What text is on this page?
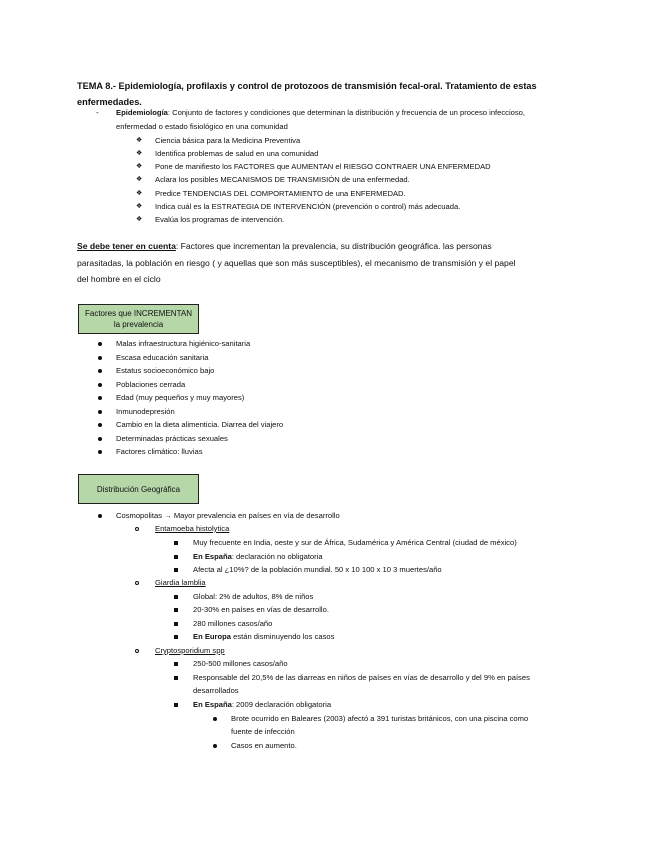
TEMA 8.- Epidemiología, profilaxis y control de protozoos de transmisión fecal-oral. Tratamiento de estas
enfermedades.
- Epidemiología: Conjunto de factores y condiciones que determinan la distribución y frecuencia de un proceso infeccioso,
enfermedad o estado fisiológico en una comunidad
❖ Ciencia básica para la Medicina Preventiva
❖ Identifica problemas de salud en una comunidad
❖ Pone de manifiesto los FACTORES que AUMENTAN el RIESGO CONTRAER UNA ENFERMEDAD
❖ Aclara los posibles MECANISMOS DE TRANSMISIÓN de una enfermedad.
❖ Predice TENDENCIAS DEL COMPORTAMIENTO de una ENFERMEDAD.
❖ Indica cuál es la ESTRATEGIA DE INTERVENCIÓN (prevención o control) más adecuada.
❖ Evalúa los programas de intervención.
Se debe tener en cuenta: Factores que incrementan la prevalencia, su distribución geográfica. las personas
parasitadas, la población en riesgo ( y aquellas que son más susceptibles), el mecanismo de transmisión y el papel
del hombre en el ciclo
Factores que INCREMENTAN
la prevalencia
Malas infraestructura higiénico-sanitaria
Escasa educación sanitaria
Estatus socioeconómico bajo
Poblaciones cerrada
Edad (muy pequeños y muy mayores)
Inmunodepresión
Cambio en la dieta alimenticia. Diarrea del viajero
Determinadas prácticas sexuales
Factores climático: lluvias
Distribución Geográfica
Cosmopolitas → Mayor prevalencia en países en vía de desarrollo
Entamoeba histolytica
Muy frecuente en India, oeste y sur de África, Sudamérica y América Central (ciudad de méxico)
En España: declaración no obligatoria
Afecta al ¿10%? de la población mundial. 50 x 10 100 x 10 3 muertes/año
Giardia lamblia
Global: 2% de adultos, 8% de niños
20-30% en países en vías de desarrollo.
280 millones casos/año
En Europa están disminuyendo los casos
Cryptosporidium spp
250-500 millones casos/año
Responsable del 20,5% de las diarreas en niños de países en vías de desarrollo y del 9% en países
desarrollados
En España: 2009 declaración obligatoria
Brote ocurrido en Baleares (2003) afectó a 391 turistas británicos, con una piscina como
fuente de infección
Casos en aumento.
